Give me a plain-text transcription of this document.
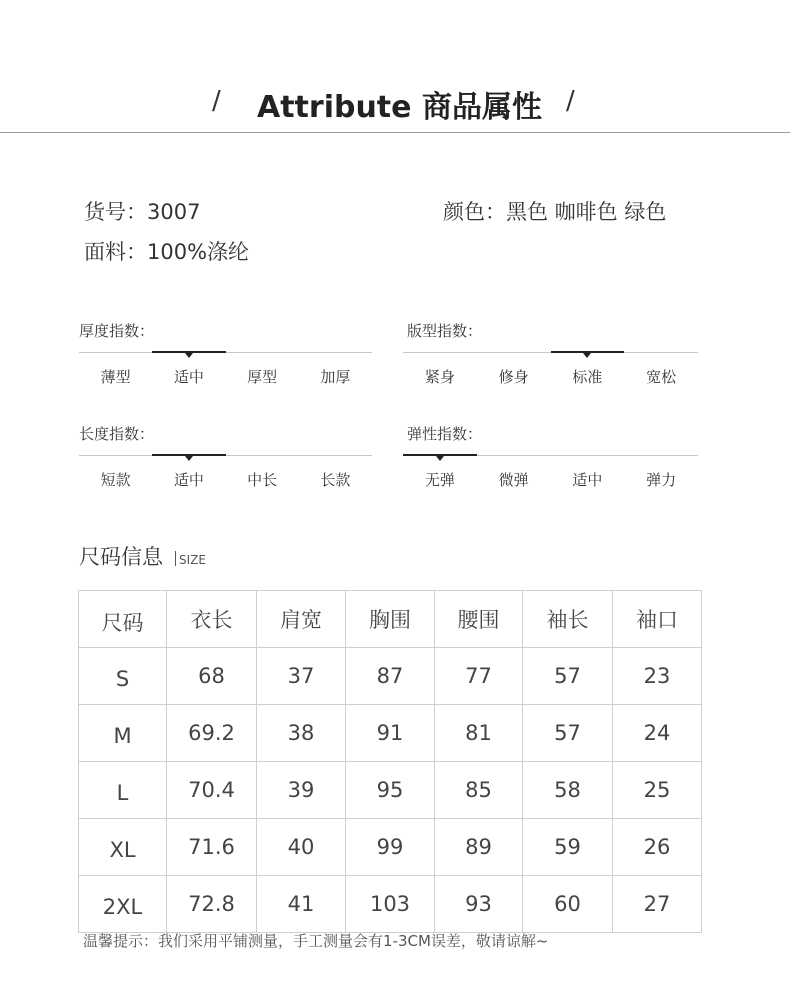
/ Attribute 商品属性 /
货号：3007	颜色：黑色 咖啡色 绿色
面料：100%涤纶
厚度指数：
薄型	适中	厚型	加厚
版型指数：
紧身	修身	标准	宽松
长度指数：
短款	适中	中长	长款
弹性指数：
无弹	微弹	适中	弹力
尺码信息 SIZE
尺码	衣长	肩宽	胸围	腰围	袖长	袖口
S	68	37	87	77	57	23
M	69.2	38	91	81	57	24
L	70.4	39	95	85	58	25
XL	71.6	40	99	89	59	26
2XL	72.8	41	103	93	60	27
温馨提示：我们采用平铺测量，手工测量会有1-3CM误差，敬请谅解~
